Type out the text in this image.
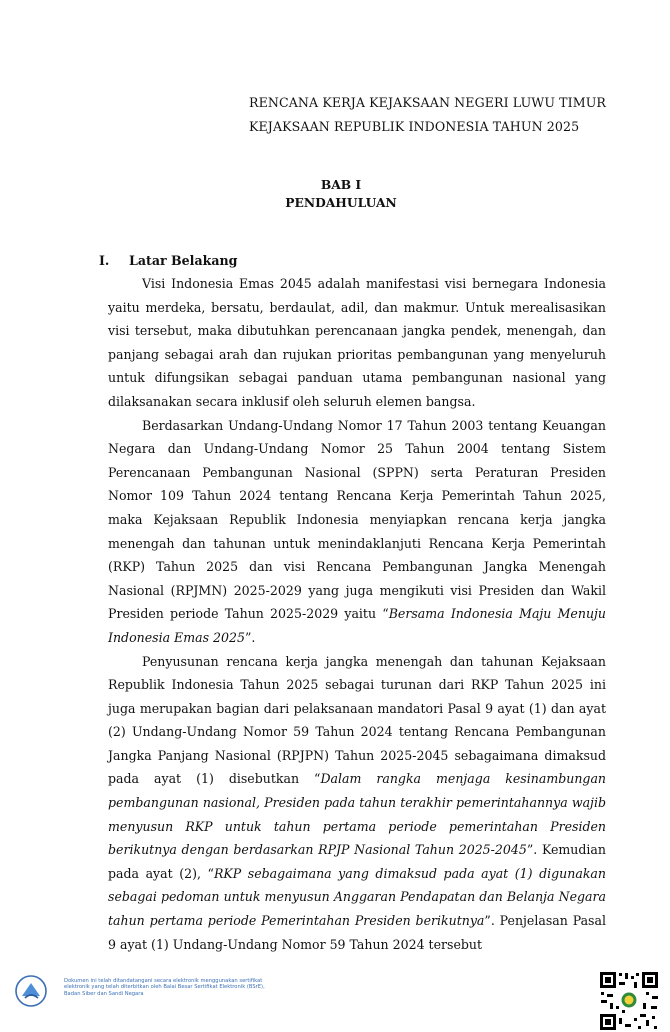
RENCANA KERJA KEJAKSAAN NEGERI LUWU TIMUR
KEJAKSAAN REPUBLIK INDONESIA TAHUN 2025
BAB I
PENDAHULUAN
I. Latar Belakang

Visi Indonesia Emas 2045 adalah manifestasi visi bernegara Indonesia yaitu merdeka, bersatu, berdaulat, adil, dan makmur. Untuk merealisasikan visi tersebut, maka dibutuhkan perencanaan jangka pendek, menengah, dan panjang sebagai arah dan rujukan prioritas pembangunan yang menyeluruh untuk difungsikan sebagai panduan utama pembangunan nasional yang dilaksanakan secara inklusif oleh seluruh elemen bangsa.

Berdasarkan Undang-Undang Nomor 17 Tahun 2003 tentang Keuangan Negara dan Undang-Undang Nomor 25 Tahun 2004 tentang Sistem Perencanaan Pembangunan Nasional (SPPN) serta Peraturan Presiden Nomor 109 Tahun 2024 tentang Rencana Kerja Pemerintah Tahun 2025, maka Kejaksaan Republik Indonesia menyiapkan rencana kerja jangka menengah dan tahunan untuk menindaklanjuti Rencana Kerja Pemerintah (RKP) Tahun 2025 dan visi Rencana Pembangunan Jangka Menengah Nasional (RPJMN) 2025-2029 yang juga mengikuti visi Presiden dan Wakil Presiden periode Tahun 2025-2029 yaitu “Bersama Indonesia Maju Menuju Indonesia Emas 2025”.

Penyusunan rencana kerja jangka menengah dan tahunan Kejaksaan Republik Indonesia Tahun 2025 sebagai turunan dari RKP Tahun 2025 ini juga merupakan bagian dari pelaksanaan mandatori Pasal 9 ayat (1) dan ayat (2) Undang-Undang Nomor 59 Tahun 2024 tentang Rencana Pembangunan Jangka Panjang Nasional (RPJPN) Tahun 2025-2045 sebagaimana dimaksud pada ayat (1) disebutkan “Dalam rangka menjaga kesinambungan pembangunan nasional, Presiden pada tahun terakhir pemerintahannya wajib menyusun RKP untuk tahun pertama periode pemerintahan Presiden berikutnya dengan berdasarkan RPJP Nasional Tahun 2025-2045”. Kemudian pada ayat (2), “RKP sebagaimana yang dimaksud pada ayat (1) digunakan sebagai pedoman untuk menyusun Anggaran Pendapatan dan Belanja Negara tahun pertama periode Pemerintahan Presiden berikutnya”. Penjelasan Pasal 9 ayat (1) Undang-Undang Nomor 59 Tahun 2024 tersebut

Dokumen ini telah ditandatangani secara elektronik menggunakan sertifikat elektronik yang telah diterbitkan oleh Balai Besar Sertifikat Elektronik (BSrE), Badan Siber dan Sandi Negara
